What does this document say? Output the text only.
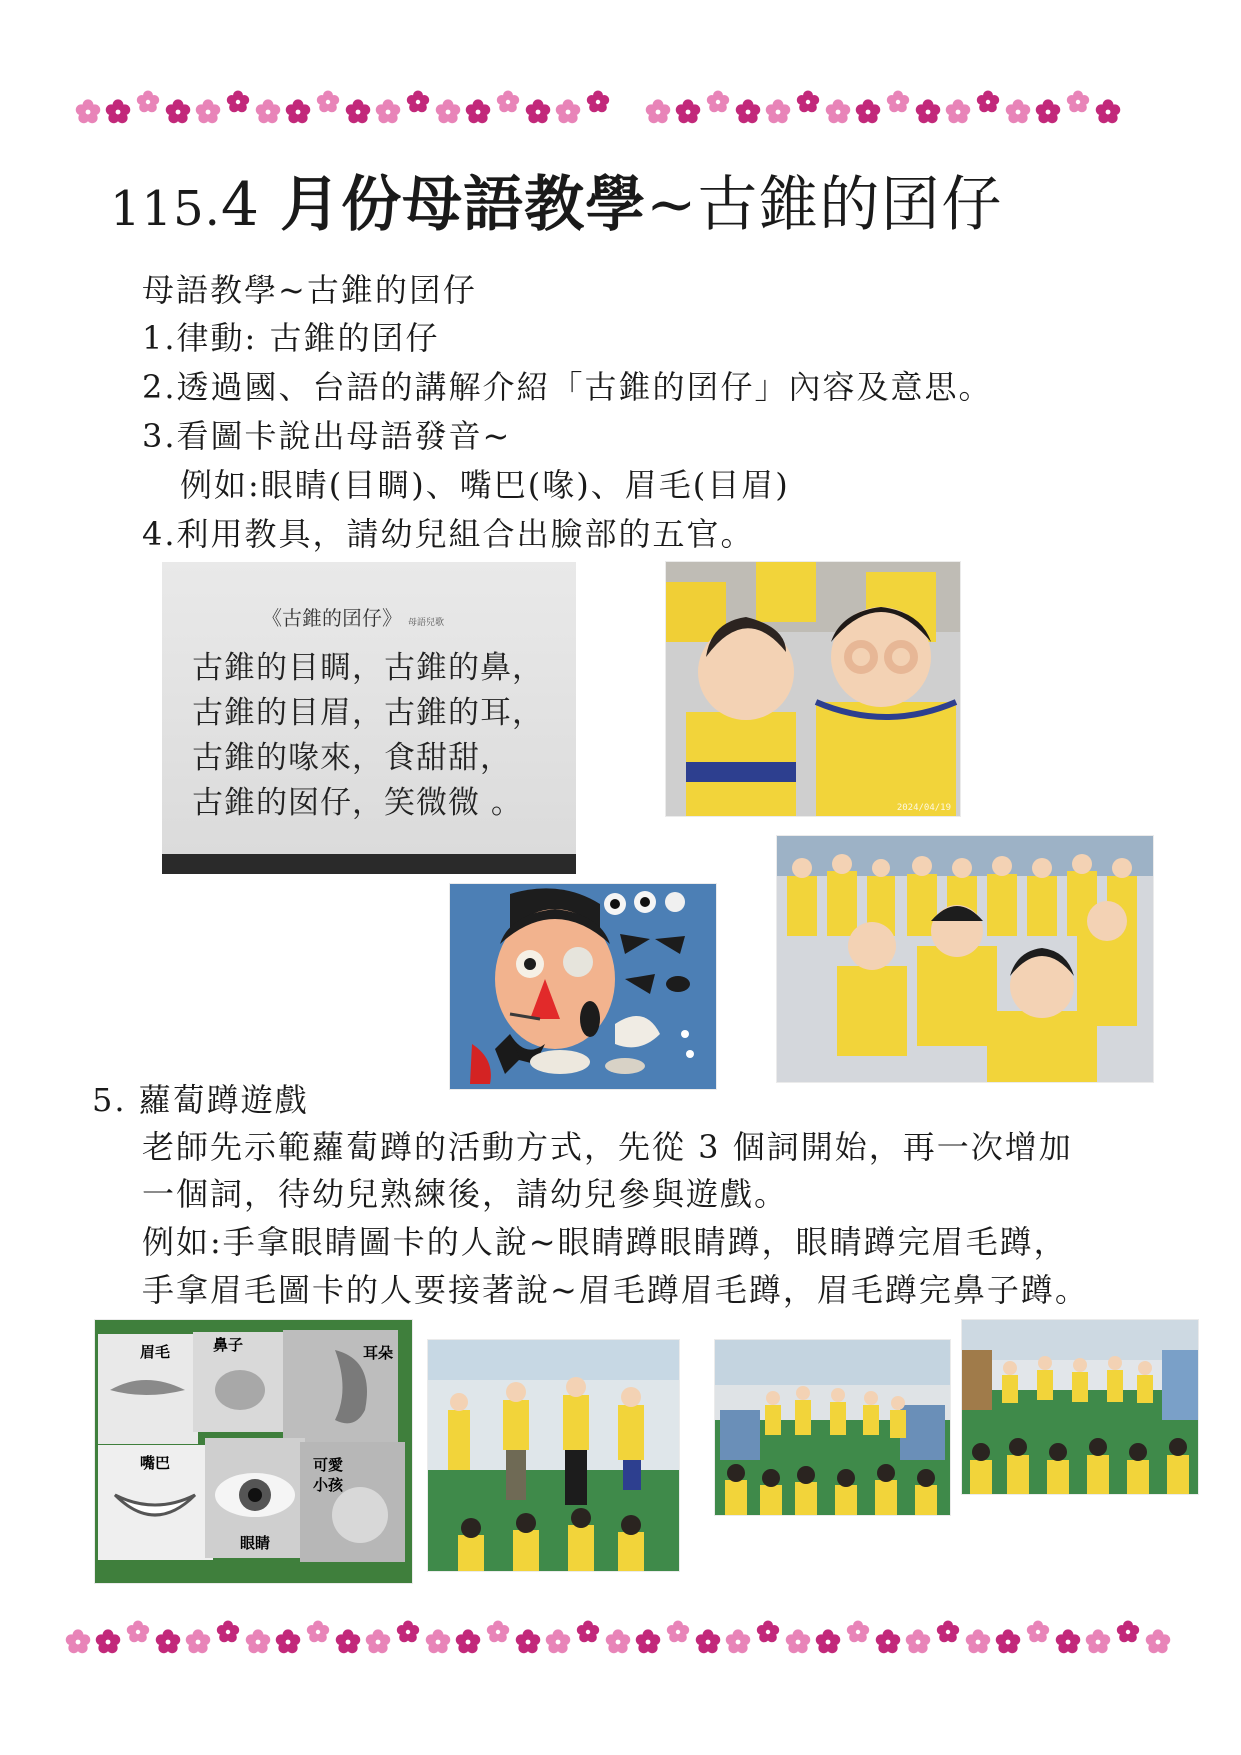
115.4 月份母語教學~古錐的囝仔
母語教學~古錐的囝仔
1.律動: 古錐的囝仔
2.透過國、台語的講解介紹「古錐的囝仔」內容及意思。
3.看圖卡說出母語發音~
例如:眼睛(目睭)、嘴巴(喙)、眉毛(目眉)
4.利用教具，請幼兒組合出臉部的五官。
《古錐的囝仔》 母語兒歌
古錐的目睭，古錐的鼻，
古錐的目眉，古錐的耳，
古錐的喙來，食甜甜，
古錐的囡仔，笑微微 。	2024/04/19
5. 蘿蔔蹲遊戲
老師先示範蘿蔔蹲的活動方式，先從 3 個詞開始，再一次增加
一個詞，待幼兒熟練後，請幼兒參與遊戲。
例如:手拿眼睛圖卡的人說~眼睛蹲眼睛蹲，眼睛蹲完眉毛蹲，
手拿眉毛圖卡的人要接著說~眉毛蹲眉毛蹲，眉毛蹲完鼻子蹲。
眉毛	鼻子	耳朵
嘴巴	可愛小孩
眼睛
